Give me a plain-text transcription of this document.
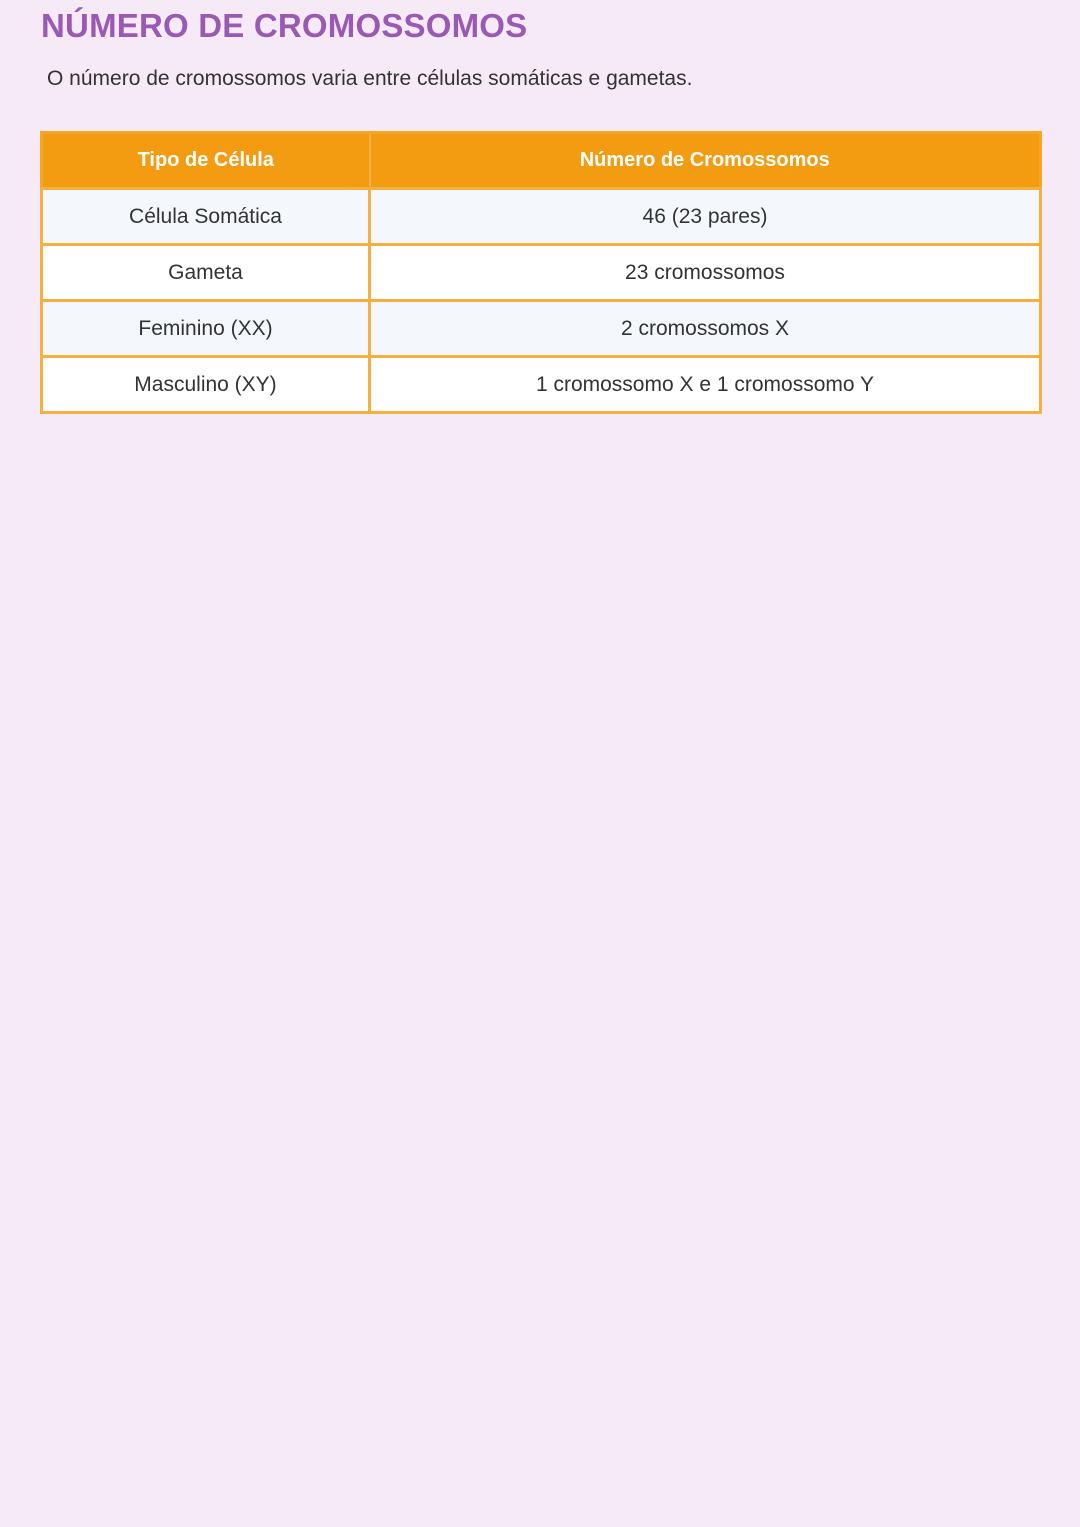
NÚMERO DE CROMOSSOMOS

O número de cromossomos varia entre células somáticas e gametas.

Tipo de Célula	Número de Cromossomos
Célula Somática	46 (23 pares)
Gameta	23 cromossomos
Feminino (XX)	2 cromossomos X
Masculino (XY)	1 cromossomo X e 1 cromossomo Y
